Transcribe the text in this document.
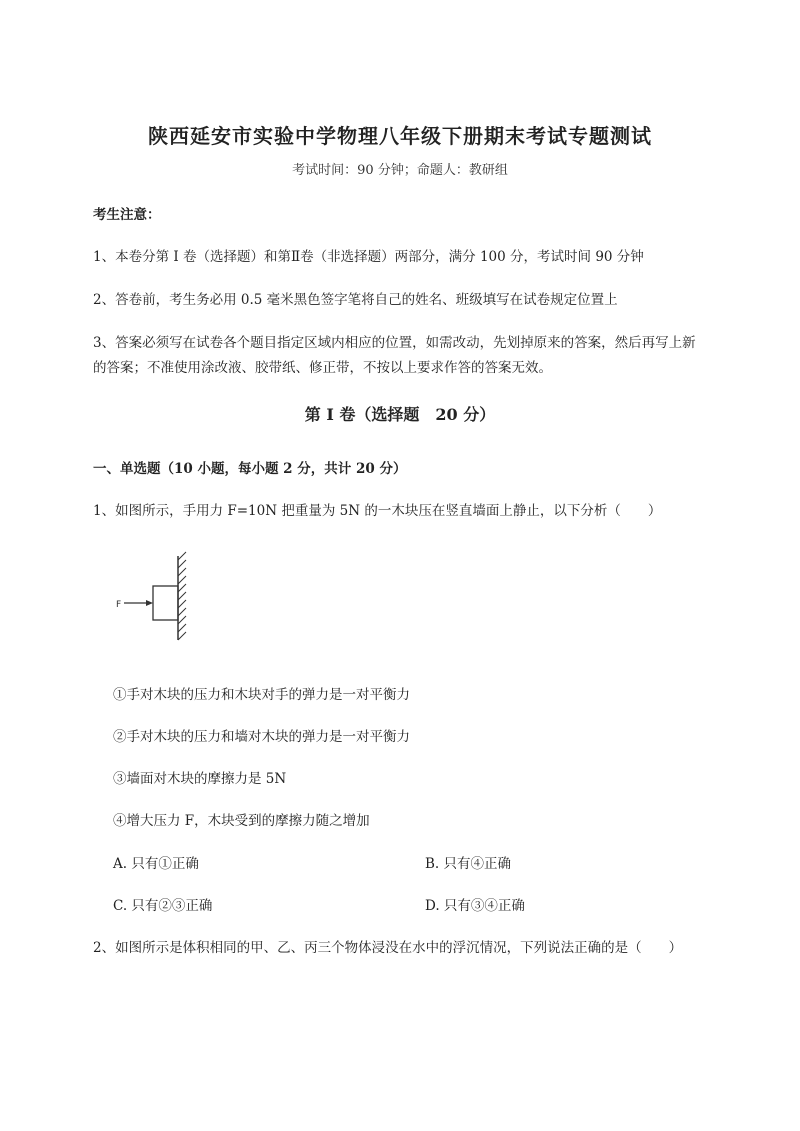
陕西延安市实验中学物理八年级下册期末考试专题测试
考试时间：90 分钟；命题人：教研组
考生注意：
1、本卷分第 I 卷（选择题）和第Ⅱ卷（非选择题）两部分，满分 100 分，考试时间 90 分钟
2、答卷前，考生务必用 0.5 毫米黑色签字笔将自己的姓名、班级填写在试卷规定位置上
3、答案必须写在试卷各个题目指定区域内相应的位置，如需改动，先划掉原来的答案，然后再写上新
的答案；不准使用涂改液、胶带纸、修正带，不按以上要求作答的答案无效。
第 I 卷（选择题　20 分）
一、单选题（10 小题，每小题 2 分，共计 20 分）
1、如图所示，手用力 F=10N 把重量为 5N 的一木块压在竖直墙面上静止，以下分析（　　）
F
①手对木块的压力和木块对手的弹力是一对平衡力
②手对木块的压力和墙对木块的弹力是一对平衡力
③墙面对木块的摩擦力是 5N
④增大压力 F，木块受到的摩擦力随之增加
A. 只有①正确	B. 只有④正确
C. 只有②③正确	D. 只有③④正确
2、如图所示是体积相同的甲、乙、丙三个物体浸没在水中的浮沉情况，下列说法正确的是（　　）
